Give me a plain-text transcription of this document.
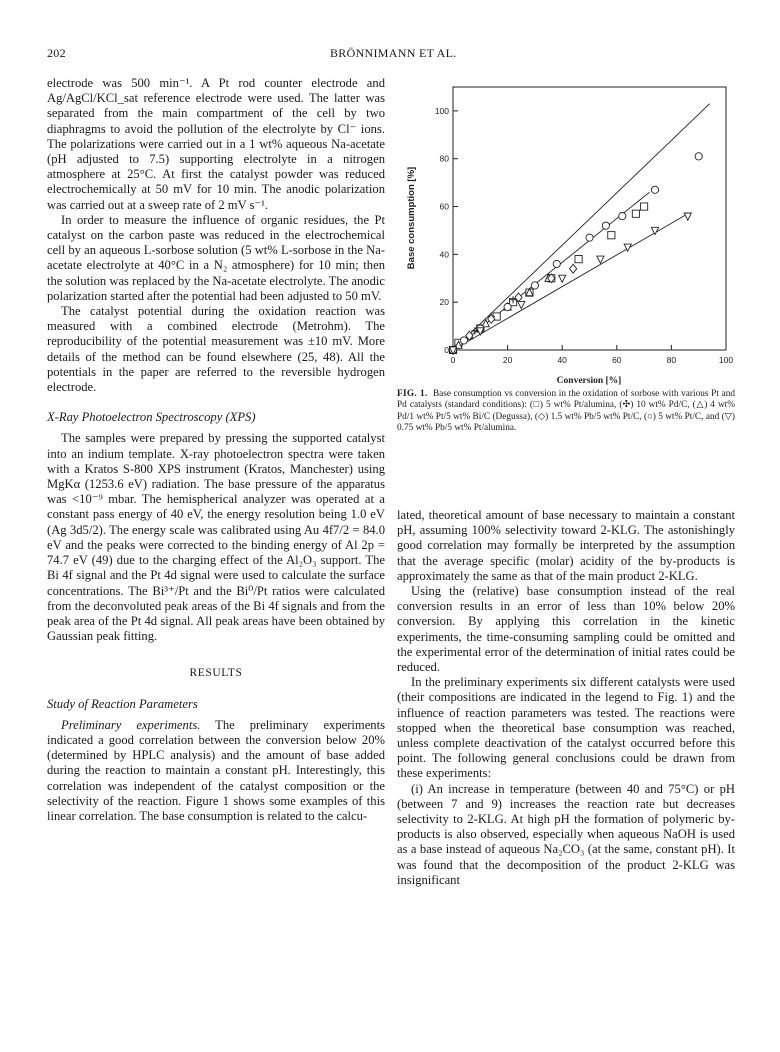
202	BRÖNNIMANN ET AL.

electrode was 500 min⁻¹. A Pt rod counter electrode and Ag/AgCl/KCl_sat reference electrode were used. The latter was separated from the main compartment of the cell by two diaphragms to avoid the pollution of the electrolyte by Cl⁻ ions. The polarizations were carried out in a 1 wt% aqueous Na-acetate (pH adjusted to 7.5) supporting electrolyte in a nitrogen atmosphere at 25°C. At first the catalyst powder was reduced electrochemically at 50 mV for 10 min. The anodic polarization was carried out at a sweep rate of 2 mV s⁻¹.

In order to measure the influence of organic residues, the Pt catalyst on the carbon paste was reduced in the electrochemical cell by an aqueous L-sorbose solution (5 wt% L-sorbose in the Na-acetate electrolyte at 40°C in a N₂ atmosphere) for 10 min; then the solution was replaced by the Na-acetate electrolyte. The anodic polarization started after the potential had been adjusted to 50 mV.

The catalyst potential during the oxidation reaction was measured with a combined electrode (Metrohm). The reproducibility of the potential measurement was ±10 mV. More details of the method can be found elsewhere (25, 48). All the potentials in the paper are referred to the reversible hydrogen electrode.

X-Ray Photoelectron Spectroscopy (XPS)

The samples were prepared by pressing the supported catalyst into an indium template. X-ray photoelectron spectra were taken with a Kratos S-800 XPS instrument (Kratos, Manchester) using MgKα (1253.6 eV) radiation. The base pressure of the apparatus was <10⁻⁹ mbar. The hemispherical analyzer was operated at a constant pass energy of 40 eV, the energy resolution being 1.0 eV (Ag 3d5/2). The energy scale was calibrated using Au 4f7/2 = 84.0 eV and the peaks were corrected to the binding energy of Al 2p = 74.7 eV (49) due to the charging effect of the Al₂O₃ support. The Bi 4f signal and the Pt 4d signal were used to calculate the surface concentrations. The Bi³⁺/Pt and the Bi⁰/Pt ratios were calculated from the deconvoluted peak areas of the Bi 4f signals and from the peak area of the Pt 4d signal. All peak areas have been obtained by Gaussian peak fitting.

RESULTS
Study of Reaction Parameters

Preliminary experiments. The preliminary experiments indicated a good correlation between the conversion below 20% (determined by HPLC analysis) and the amount of base added during the reaction to maintain a constant pH. Interestingly, this correlation was independent of the catalyst composition or the selectivity of the reaction. Figure 1 shows some examples of this linear correlation. The base consumption is related to the calcu-

0	20	40	60	80	100
0
20
40
60
80
100
Base consumption [%]
Conversion [%]
FIG. 1. Base consumption vs conversion in the oxidation of sorbose with various Pt and Pd catalysts (standard conditions): (□) 5 wt% Pt/alumina, (✣) 10 wt% Pd/C, (△) 4 wt% Pd/1 wt% Pt/5 wt% Bi/C (Degussa), (◇) 1.5 wt% Pb/5 wt% Pt/C, (○) 5 wt% Pt/C, and (▽) 0.75 wt% Pb/5 wt% Pt/alumina.

lated, theoretical amount of base necessary to maintain a constant pH, assuming 100% selectivity toward 2-KLG. The astonishingly good correlation may formally be interpreted by the assumption that the average specific (molar) acidity of the by-products is approximately the same as that of the main product 2-KLG.

Using the (relative) base consumption instead of the real conversion results in an error of less than 10% below 20% conversion. By applying this correlation in the kinetic experiments, the time-consuming sampling could be omitted and the experimental error of the determination of initial rates could be reduced.

In the preliminary experiments six different catalysts were used (their compositions are indicated in the legend to Fig. 1) and the influence of reaction parameters was tested. The reactions were stopped when the theoretical base consumption was reached, unless complete deactivation of the catalyst occurred before this point. The following general conclusions could be drawn from these experiments:

(i) An increase in temperature (between 40 and 75°C) or pH (between 7 and 9) increases the reaction rate but decreases selectivity to 2-KLG. At high pH the formation of polymeric by-products is also observed, especially when aqueous NaOH is used as a base instead of aqueous Na₂CO₃ (at the same, constant pH). It was found that the decomposition of the product 2-KLG was insignificant
